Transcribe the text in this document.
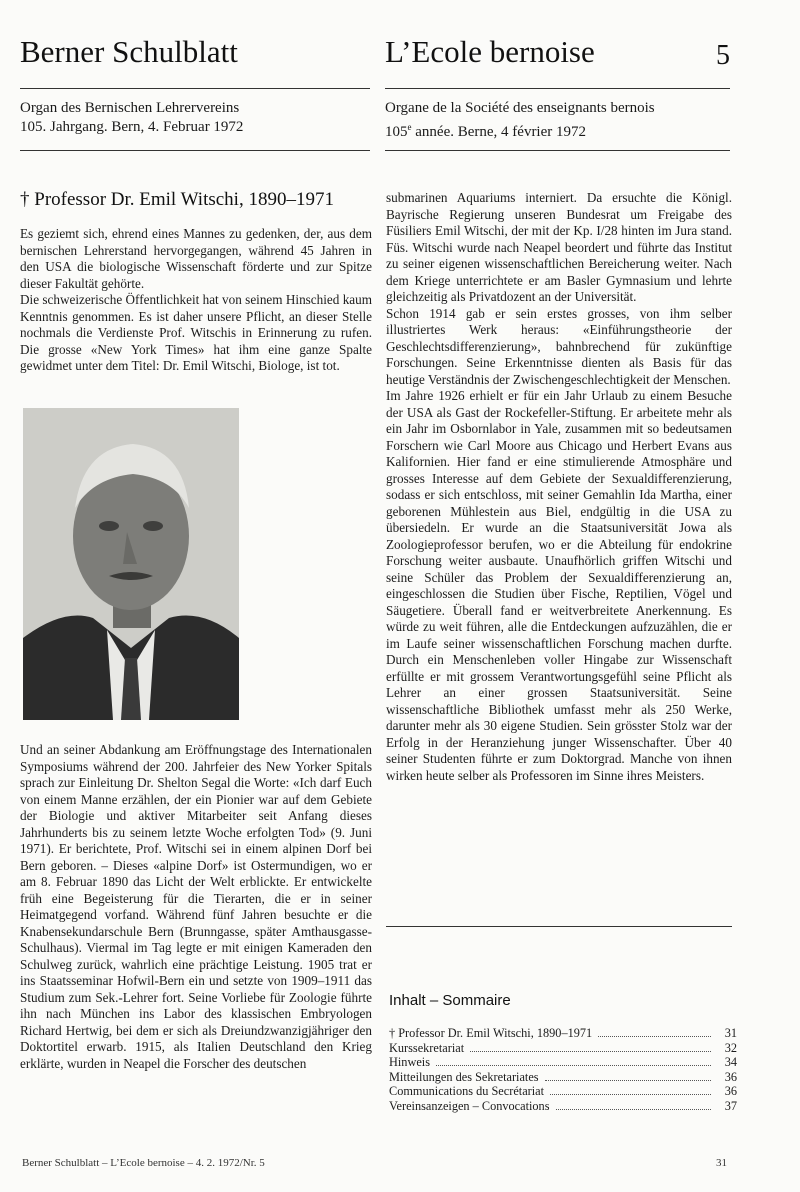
Berner Schulblatt	L’Ecole bernoise	5
Organ des Bernischen Lehrervereins
105. Jahrgang. Bern, 4. Februar 1972
Organe de la Société des enseignants bernois
105e année. Berne, 4 février 1972
† Professor Dr. Emil Witschi, 1890–1971

Es geziemt sich, ehrend eines Mannes zu gedenken, der, aus dem bernischen Lehrerstand hervorgegangen, während 45 Jahren in den USA die biologische Wissenschaft förderte und zur Spitze dieser Fakultät gehörte.

Die schweizerische Öffentlichkeit hat von seinem Hinschied kaum Kenntnis genommen. Es ist daher unsere Pflicht, an dieser Stelle nochmals die Verdienste Prof. Witschis in Erinnerung zu rufen. Die grosse «New York Times» hat ihm eine ganze Spalte gewidmet unter dem Titel: Dr. Emil Witschi, Biologe, ist tot.

Und an seiner Abdankung am Eröffnungstage des Internationalen Symposiums während der 200. Jahrfeier des New Yorker Spitals sprach zur Einleitung Dr. Shelton Segal die Worte: «Ich darf Euch von einem Manne erzählen, der ein Pionier war auf dem Gebiete der Biologie und aktiver Mitarbeiter seit Anfang dieses Jahrhunderts bis zu seinem letzte Woche erfolgten Tod» (9. Juni 1971). Er berichtete, Prof. Witschi sei in einem alpinen Dorf bei Bern geboren. – Dieses «alpine Dorf» ist Ostermundigen, wo er am 8. Februar 1890 das Licht der Welt erblickte. Er entwickelte früh eine Begeisterung für die Tierarten, die er in seiner Heimatgegend vorfand. Während fünf Jahren besuchte er die Knabensekundarschule Bern (Brunngasse, später Amthausgasse-Schulhaus). Viermal im Tag legte er mit einigen Kameraden den Schulweg zurück, wahrlich eine prächtige Leistung. 1905 trat er ins Staatsseminar Hofwil-Bern ein und setzte von 1909–1911 das Studium zum Sek.-Lehrer fort. Seine Vorliebe für Zoologie führte ihn nach München ins Labor des klassischen Embryologen Richard Hertwig, bei dem er sich als Dreiundzwanzigjähriger den Doktortitel erwarb. 1915, als Italien Deutschland den Krieg erklärte, wurden in Neapel die Forscher des deutschen

submarinen Aquariums interniert. Da ersuchte die Königl. Bayrische Regierung unseren Bundesrat um Freigabe des Füsiliers Emil Witschi, der mit der Kp. I/28 hinten im Jura stand. Füs. Witschi wurde nach Neapel beordert und führte das Institut zu seiner eigenen wissenschaftlichen Bereicherung weiter. Nach dem Kriege unterrichtete er am Basler Gymnasium und lehrte gleichzeitig als Privatdozent an der Universität.

Schon 1914 gab er sein erstes grosses, von ihm selber illustriertes Werk heraus: «Einführungstheorie der Geschlechtsdifferenzierung», bahnbrechend für zukünftige Forschungen. Seine Erkenntnisse dienten als Basis für das heutige Verständnis der Zwischengeschlechtigkeit der Menschen.

Im Jahre 1926 erhielt er für ein Jahr Urlaub zu einem Besuche der USA als Gast der Rockefeller-Stiftung. Er arbeitete mehr als ein Jahr im Osbornlabor in Yale, zusammen mit so bedeutsamen Forschern wie Carl Moore aus Chicago und Herbert Evans aus Kalifornien. Hier fand er eine stimulierende Atmosphäre und grosses Interesse auf dem Gebiete der Sexualdifferenzierung, sodass er sich entschloss, mit seiner Gemahlin Ida Martha, einer geborenen Mühlestein aus Biel, endgültig in die USA zu übersiedeln. Er wurde an die Staatsuniversität Jowa als Zoologieprofessor berufen, wo er die Abteilung für endokrine Forschung weiter ausbaute. Unaufhörlich griffen Witschi und seine Schüler das Problem der Sexualdifferenzierung an, eingeschlossen die Studien über Fische, Reptilien, Vögel und Säugetiere. Überall fand er weitverbreitete Anerkennung. Es würde zu weit führen, alle die Entdeckungen aufzuzählen, die er im Laufe seiner wissenschaftlichen Forschung machen durfte. Durch ein Menschenleben voller Hingabe zur Wissenschaft erfüllte er mit grossem Verantwortungsgefühl seine Pflicht als Lehrer an einer grossen Staatsuniversität. Seine wissenschaftliche Bibliothek umfasst mehr als 250 Werke, darunter mehr als 30 eigene Studien. Sein grösster Stolz war der Erfolg in der Heranziehung junger Wissenschafter. Über 40 seiner Studenten führte er zum Doktorgrad. Manche von ihnen wirken heute selber als Professoren im Sinne ihres Meisters.

Inhalt – Sommaire
† Professor Dr. Emil Witschi, 1890–1971	31
Kurssekretariat	32
Hinweis	34
Mitteilungen des Sekretariates	36
Communications du Secrétariat	36
Vereinsanzeigen – Convocations	37
Berner Schulblatt – L’Ecole bernoise – 4. 2. 1972/Nr. 5	31
